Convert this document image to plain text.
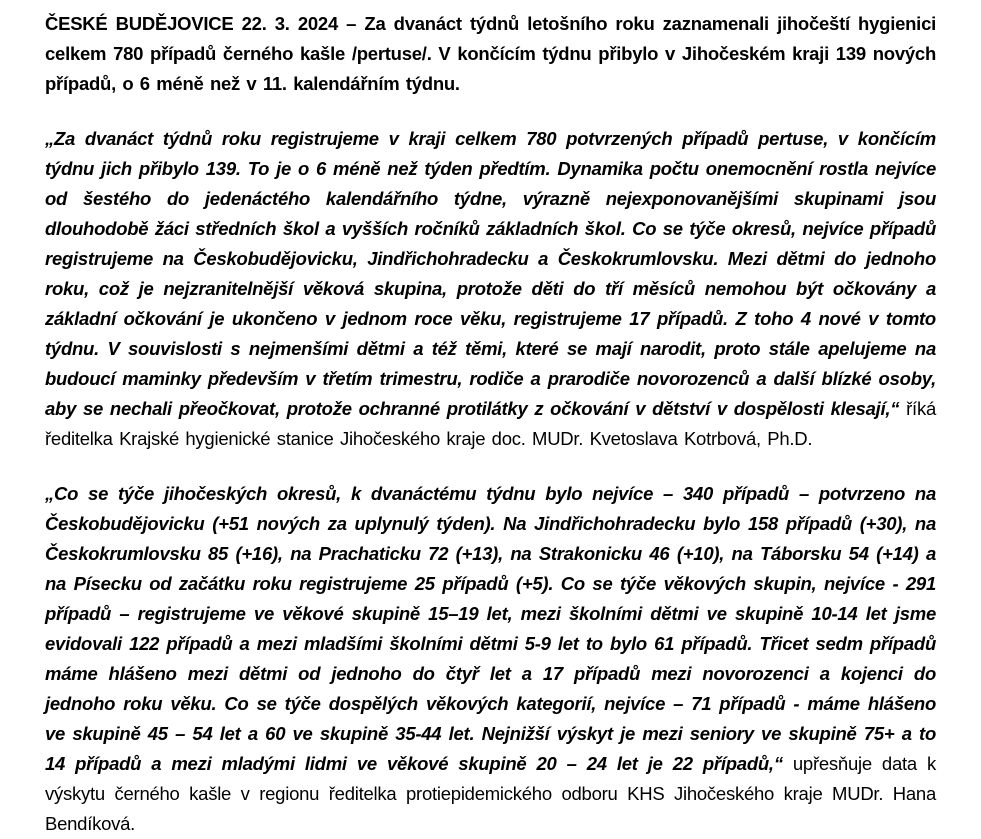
ČESKÉ BUDĚJOVICE 22. 3. 2024 – Za dvanáct týdnů letošního roku zaznamenali jihočeští hygienici celkem 780 případů černého kašle /pertuse/. V končícím týdnu přibylo v Jihočeském kraji 139 nových případů, o 6 méně než v 11. kalendářním týdnu.

„Za dvanáct týdnů roku registrujeme v kraji celkem 780 potvrzených případů pertuse, v končícím týdnu jich přibylo 139. To je o 6 méně než týden předtím. Dynamika počtu onemocnění rostla nejvíce od šestého do jedenáctého kalendářního týdne, výrazně nejexponovanějšími skupinami jsou dlouhodobě žáci středních škol a vyšších ročníků základních škol. Co se týče okresů, nejvíce případů registrujeme na Českobudějovicku, Jindřichohradecku a Českokrumlovsku. Mezi dětmi do jednoho roku, což je nejzranitelnější věková skupina, protože děti do tří měsíců nemohou být očkovány a základní očkování je ukončeno v jednom roce věku, registrujeme 17 případů. Z toho 4 nové v tomto týdnu. V souvislosti s nejmenšími dětmi a též těmi, které se mají narodit, proto stále apelujeme na budoucí maminky především v třetím trimestru, rodiče a prarodiče novorozenců a další blízké osoby, aby se nechali přeočkovat, protože ochranné protilátky z očkování v dětství v dospělosti klesají,“ říká ředitelka Krajské hygienické stanice Jihočeského kraje doc. MUDr. Kvetoslava Kotrbová, Ph.D.

„Co se týče jihočeských okresů, k dvanáctému týdnu bylo nejvíce – 340 případů – potvrzeno na Českobudějovicku (+51 nových za uplynulý týden). Na Jindřichohradecku bylo 158 případů (+30), na Českokrumlovsku 85 (+16), na Prachaticku 72 (+13), na Strakonicku 46 (+10), na Táborsku 54 (+14) a na Písecku od začátku roku registrujeme 25 případů (+5). Co se týče věkových skupin, nejvíce - 291 případů – registrujeme ve věkové skupině 15–19 let, mezi školními dětmi ve skupině 10-14 let jsme evidovali 122 případů a mezi mladšími školními dětmi 5-9 let to bylo 61 případů. Třicet sedm případů máme hlášeno mezi dětmi od jednoho do čtyř let a 17 případů mezi novorozenci a kojenci do jednoho roku věku. Co se týče dospělých věkových kategorií, nejvíce – 71 případů - máme hlášeno ve skupině 45 – 54 let a 60 ve skupině 35-44 let. Nejnižší výskyt je mezi seniory ve skupině 75+ a to 14 případů a mezi mladými lidmi ve věkové skupině 20 – 24 let je 22 případů,“ upřesňuje data k výskytu černého kašle v regionu ředitelka protiepidemického odboru KHS Jihočeského kraje MUDr. Hana Bendíková.
